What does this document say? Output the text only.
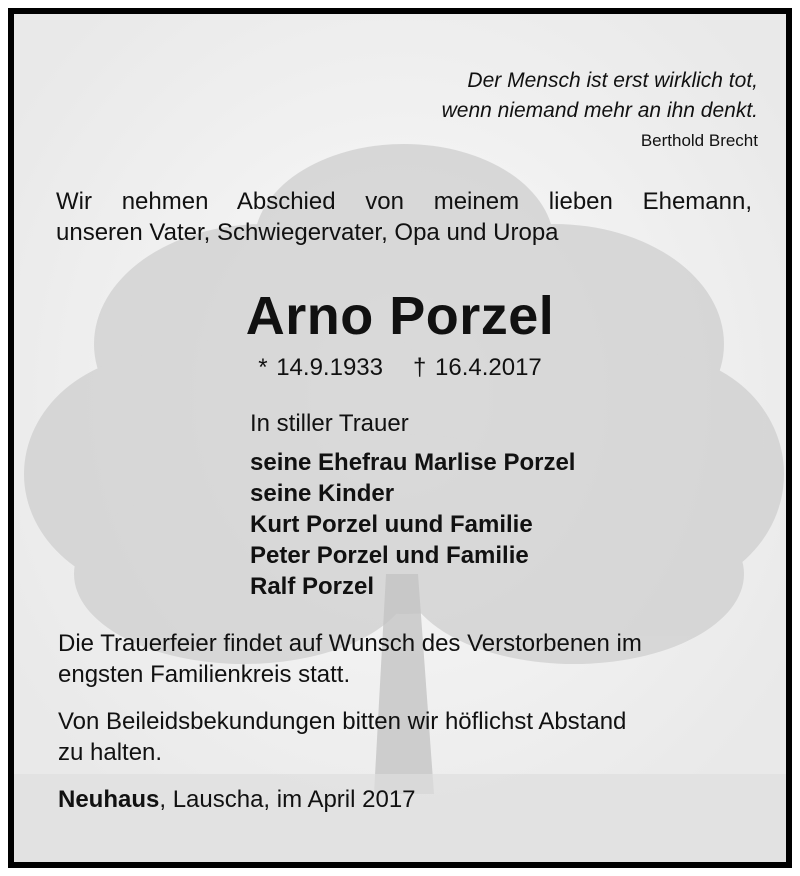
Der Mensch ist erst wirklich tot,
wenn niemand mehr an ihn denkt.
Berthold Brecht
Wir nehmen Abschied von meinem lieben Ehemann,
unseren Vater, Schwiegervater, Opa und Uropa
Arno Porzel
* 14.9.1933 † 16.4.2017
In stiller Trauer
seine Ehefrau Marlise Porzel
seine Kinder
Kurt Porzel uund Familie
Peter Porzel und Familie
Ralf Porzel
Die Trauerfeier findet auf Wunsch des Verstorbenen im
engsten Familienkreis statt.
Von Beileidsbekundungen bitten wir höflichst Abstand
zu halten.
Neuhaus, Lauscha, im April 2017
